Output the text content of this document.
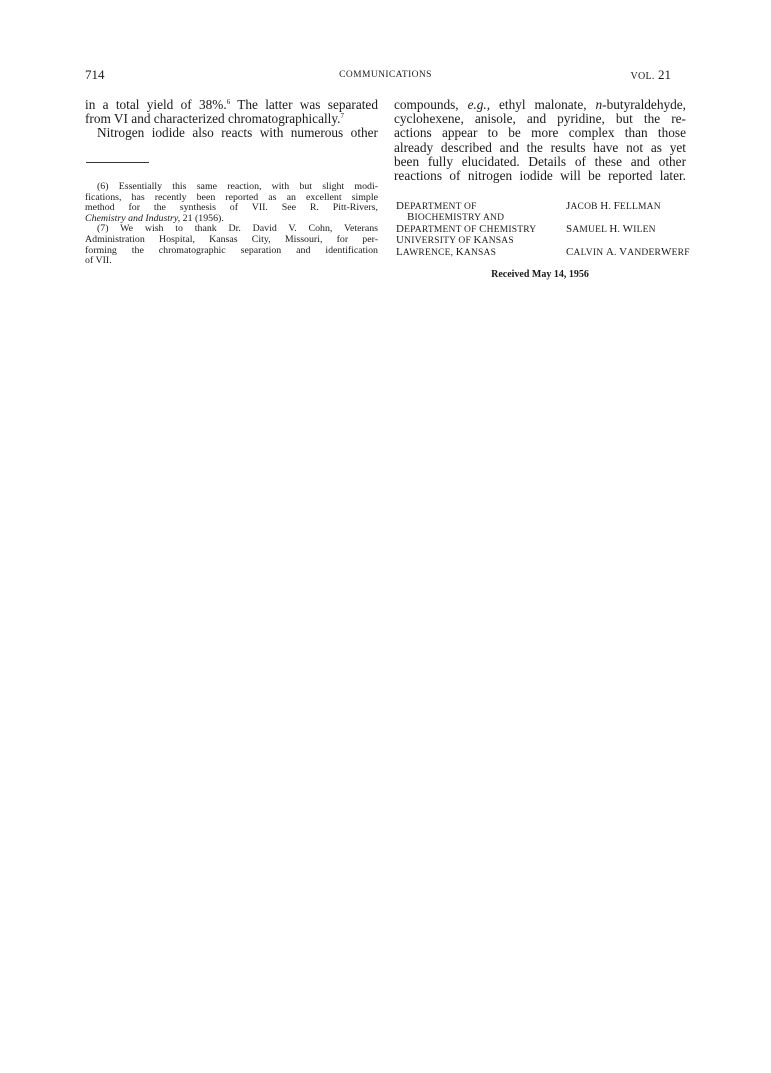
714	COMMUNICATIONS	VOL. 21
in a total yield of 38%.$^6$ The latter was separated
from VI and characterized chromatographically.$^7$
Nitrogen iodide also reacts with numerous other
(6) Essentially this same reaction, with but slight modi-
fications, has recently been reported as an excellent simple
method for the synthesis of VII. See R. Pitt-Rivers,
Chemistry and Industry, 21 (1956).
(7) We wish to thank Dr. David V. Cohn, Veterans
Administration Hospital, Kansas City, Missouri, for per-
forming the chromatographic separation and identification
of VII.
compounds, e.g., ethyl malonate, n-butyraldehyde,
cyclohexene, anisole, and pyridine, but the re-
actions appear to be more complex than those
already described and the results have not as yet
been fully elucidated. Details of these and other
reactions of nitrogen iodide will be reported later.
DEPARTMENT OF
BIOCHEMISTRY AND
DEPARTMENT OF CHEMISTRY
UNIVERSITY OF KANSAS
LAWRENCE, KANSAS
JACOB H. FELLMAN
SAMUEL H. WILEN
CALVIN A. VANDERWERF
Received May 14, 1956
